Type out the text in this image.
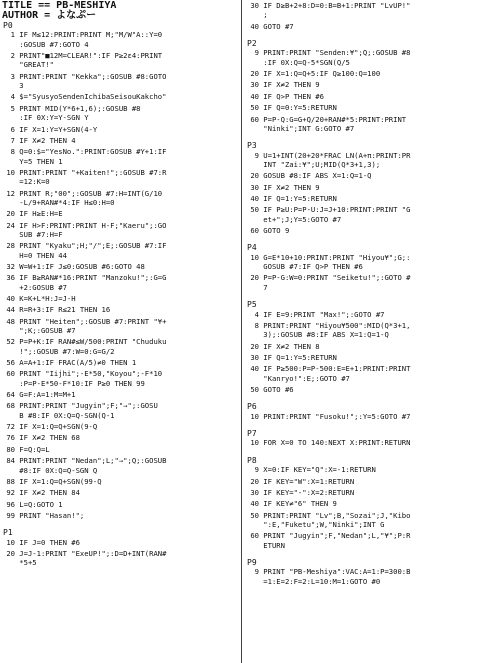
TITLE == PB-MESHIYA
AUTHOR = よなぷー
P0
1 IF M≤12:PRINT:PRINT M;"M/W"A::Y=0
:GOSUB #7:GOTO 4
2 PRINT"■12M=CLEAR!":IF P≥2ε4:PRINT
"GREAT!"
3 PRINT:PRINT "Kekka";:GOSUB #8:GOTO
3
4 $="SyusyoSendenIchibaSeisouKakcho"
5 PRINT MID(Y*6+1,6);:GOSUB #8
:IF 0X:Y=Y-SGN Y
6 IF X=1:Y=Y+SGN(4-Y
7 IF X≠2 THEN 4
8 Q=0:$="YesNo.":PRINT:GOSUB #Y+1:IF
Y=5 THEN 1
10 PRINT:PRINT "+Kaiten!";:GOSUB #7:R
=12:K=0
12 PRINT R;"00";:GOSUB #7:H=INT(G/10
-L/9+RAN#*4:IF H≤0:H=0
20 IF H≥E:H=E
24 IF H>F:PRINT:PRINT H-F;"Kaeru";:GO
SUB #7:H=F
28 PRINT "Kyaku";H;"/";E;:GOSUB #7:IF
H=0 THEN 44
32 W=W+1:IF J≤0:GOSUB #6:GOTO 48
36 IF B≥RAN#*16:PRINT "Manzoku!";:G=G
+2:GOSUB #7
40 K=K+L*H:J=J-H
44 R=R+3:IF R≤21 THEN 16
48 PRINT "Heiten";:GOSUB #7:PRINT "¥+
";K;:GOSUB #7
52 P=P+K:IF RAN#≤W/500:PRINT "Chuduku
!";:GOSUB #7:W=0:G=G/2
56 A=A+1:IF FRAC(A/5)≠0 THEN 1
60 PRINT "Iijhi";-E*50,"Koyou";-F*10
:P=P-E*50-F*10:IF P≥0 THEN 99
64 G=F:A=1:M=M+1
68 PRINT:PRINT "Jugyin";F;"→";:GOSU
B #8:IF 0X:Q=Q-SGN(Q-1
72 IF X=1:Q=Q+SGN(9-Q
76 IF X≠2 THEN 68
80 F=Q:Q=L
84 PRINT:PRINT "Nedan";L;"→";Q;:GOSUB
#8:IF 0X:Q=Q-SGN Q
88 IF X=1:Q=Q+SGN(99-Q
92 IF X≠2 THEN 84
96 L=Q:GOTO 1
99 PRINT "Hasan!";
P1
10 IF J=0 THEN #6
20 J=J-1:PRINT "ExeUP!";:D=D+INT(RAN#
*5+5
30 IF D≥B+2+8:D=0:B=B+1:PRINT "LvUP!"
;
40 GOTO #7
P2
9 PRINT:PRINT "Senden:¥";Q;:GOSUB #8
:IF 0X:Q=Q-5*SGN(Q/5
20 IF X=1:Q=Q+5:IF Q≥100:Q=100
30 IF X≠2 THEN 9
40 IF Q>P THEN #6
50 IF Q=0:Y=5:RETURN
60 P=P-Q:G=G+Q/20+RAN#*5:PRINT:PRINT
"Ninki";INT G:GOTO #7
P3
9 U=1+INT(20+20*FRAC LN(A+π:PRINT:PR
INT "Zai:¥";U;MID(Q*3+1,3);
20 GOSUB #8:IF ABS X=1:Q=1-Q
30 IF X≠2 THEN 9
40 IF Q=1:Y=5:RETURN
50 IF P≥U:P=P-U:J=J+10:PRINT:PRINT "G
et+";J;Y=5:GOTO #7
60 GOTO 9
P4
10 G=E*10+10:PRINT:PRINT "Hiyou¥";G;:
GOSUB #7:IF Q>P THEN #6
20 P=P-G:W=0:PRINT "Seiketu!";:GOTO #
7
P5
4 IF E=9:PRINT "Max!";:GOTO #7
8 PRINT:PRINT "Hiyou¥500":MID(Q*3+1,
3);:GOSUB #8:IF ABS X=1:Q=1-Q
20 IF X≠2 THEN 8
30 IF Q=1:Y=5:RETURN
40 IF P≥500:P=P-500:E=E+1:PRINT:PRINT
"Kanryo!":E;:GOTO #7
50 GOTO #6
P6
10 PRINT:PRINT "Fusoku!";:Y=5:GOTO #7
P7
10 FOR X=0 TO 140:NEXT X:PRINT:RETURN
P8
9 X=0:IF KEY="Q":X=-1:RETURN
20 IF KEY="W":X=1:RETURN
30 IF KEY="-":X=2:RETURN
40 IF KEY≠"6" THEN 9
50 PRINT:PRINT "Lv";B,"Sozai";J,"Kibo
":E,"Fuketu";W,"Ninki";INT G
60 PRINT "Jugyin";F,"Nedan";L,"¥";P:R
ETURN
P9
9 PRINT "PB-Meshiya":VAC:A=1:P=300:B
=1:E=2:F=2:L=10:M=1:GOTO #0
